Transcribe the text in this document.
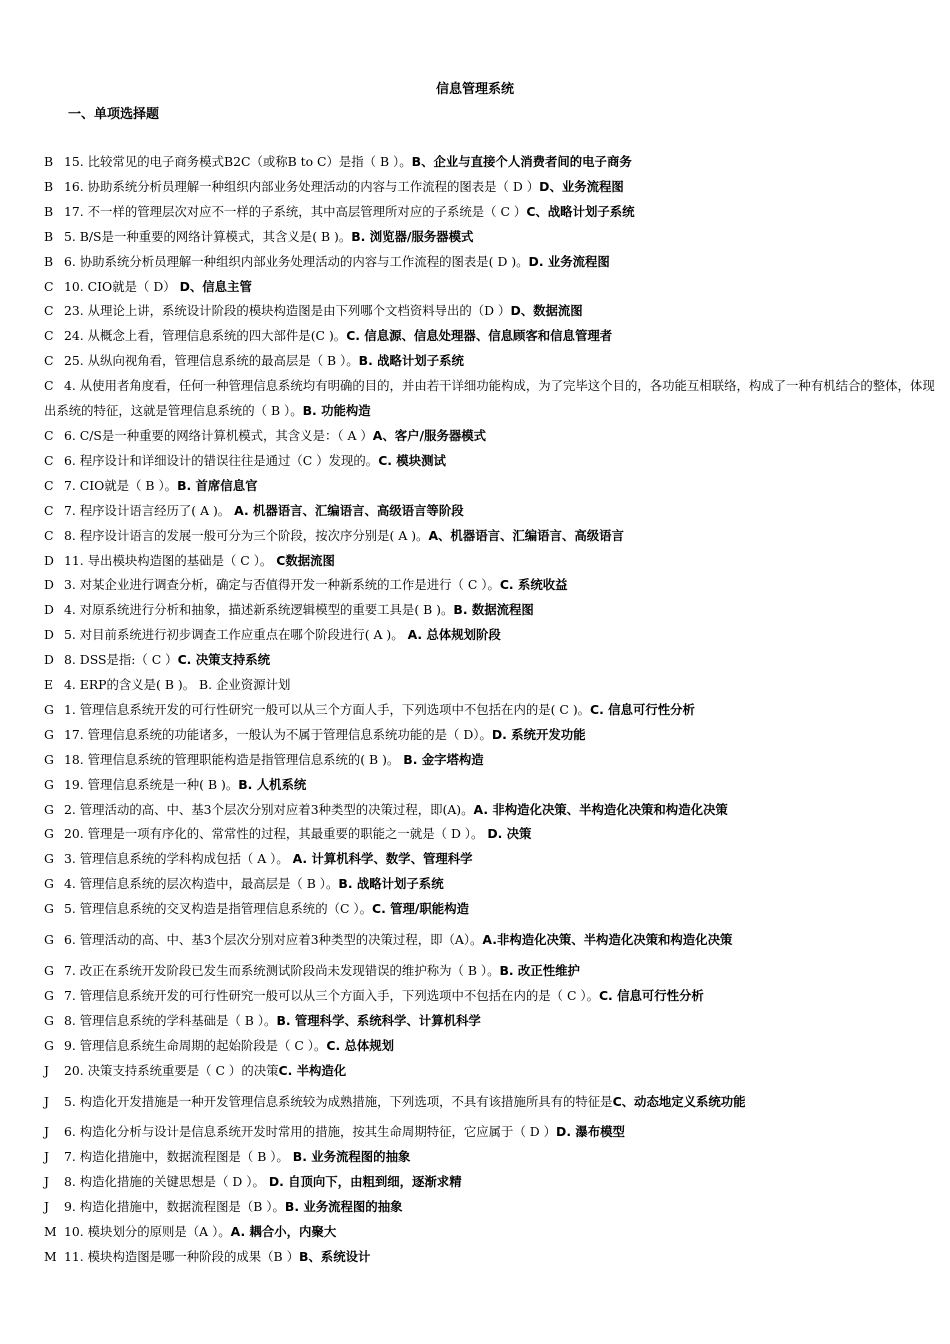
信息管理系统
一、单项选择题
B 15. 比较常见的电子商务模式B2C（或称B to C）是指（ B ）。B、企业与直接个人消费者间的电子商务
B 16. 协助系统分析员理解一种组织内部业务处理活动的内容与工作流程的图表是（ D ）D、业务流程图
B 17. 不一样的管理层次对应不一样的子系统，其中高层管理所对应的子系统是（ C ）C、战略计划子系统
B 5. B/S是一种重要的网络计算模式，其含义是( B )。B. 浏览器/服务器模式
B 6. 协助系统分析员理解一种组织内部业务处理活动的内容与工作流程的图表是( D )。D. 业务流程图
C 10. CIO就是（ D） D、信息主管
C 23. 从理论上讲，系统设计阶段的模块构造图是由下列哪个文档资料导出的（D ）D、数据流图
C 24. 从概念上看，管理信息系统的四大部件是(C )。C. 信息源、信息处理器、信息顾客和信息管理者
C 25. 从纵向视角看，管理信息系统的最高层是（ B ）。B. 战略计划子系统
C 4. 从使用者角度看，任何一种管理信息系统均有明确的目的，并由若干详细功能构成，为了完毕这个目的，各功能互相联络，构成了一种有机结合的整体，体现出系统的特征，这就是管理信息系统的（ B ）。B. 功能构造
C 6. C/S是一种重要的网络计算机模式，其含义是：（ A ）A、客户/服务器模式
C 6. 程序设计和详细设计的错误往往是通过（C ）发现的。C. 模块测试
C 7. CIO就是（ B ）。B. 首席信息官
C 7. 程序设计语言经历了( A )。 A. 机器语言、汇编语言、高级语言等阶段
C 8. 程序设计语言的发展一般可分为三个阶段，按次序分别是( A )。A、机器语言、汇编语言、高级语言
D 11. 导出模块构造图的基础是（ C ）。 C数据流图
D 3. 对某企业进行调查分析，确定与否值得开发一种新系统的工作是进行（ C ）。C. 系统收益
D 4. 对原系统进行分析和抽象，描述新系统逻辑模型的重要工具是( B )。B. 数据流程图
D 5. 对目前系统进行初步调查工作应重点在哪个阶段进行( A )。 A. 总体规划阶段
D 8. DSS是指:（ C ）C. 决策支持系统
E 4. ERP的含义是( B )。 B. 企业资源计划
G 1. 管理信息系统开发的可行性研究一般可以从三个方面人手，下列选项中不包括在内的是( C )。C. 信息可行性分析
G 17. 管理信息系统的功能诸多，一般认为不属于管理信息系统功能的是（ D）。D. 系统开发功能
G 18. 管理信息系统的管理职能构造是指管理信息系统的( B )。 B. 金字塔构造
G 19. 管理信息系统是一种( B )。B. 人机系统
G 2. 管理活动的高、中、基3个层次分别对应着3种类型的决策过程，即(A)。A. 非构造化决策、半构造化决策和构造化决策
G 20. 管理是一项有序化的、常常性的过程，其最重要的职能之一就是（ D ）。 D. 决策
G 3. 管理信息系统的学科构成包括（ A ）。 A. 计算机科学、数学、管理科学
G 4. 管理信息系统的层次构造中，最高层是（ B ）。B. 战略计划子系统
G 5. 管理信息系统的交叉构造是指管理信息系统的（C ）。C. 管理/职能构造
G 6. 管理活动的高、中、基3个层次分别对应着3种类型的决策过程，即（A）。A.非构造化决策、半构造化决策和构造化决策
G 7. 改正在系统开发阶段已发生而系统测试阶段尚未发现错误的维护称为（ B ）。B. 改正性维护
G 7. 管理信息系统开发的可行性研究一般可以从三个方面入手，下列选项中不包括在内的是（ C ）。C. 信息可行性分析
G 8. 管理信息系统的学科基础是（ B ）。B. 管理科学、系统科学、计算机科学
G 9. 管理信息系统生命周期的起始阶段是（ C ）。C. 总体规划
J 20. 决策支持系统重要是（ C ）的决策C. 半构造化
J 5. 构造化开发措施是一种开发管理信息系统较为成熟措施，下列选项，不具有该措施所具有的特征是C、动态地定义系统功能
J 6. 构造化分析与设计是信息系统开发时常用的措施，按其生命周期特征，它应属于（ D ）D. 瀑布模型
J 7. 构造化措施中，数据流程图是（ B ）。 B. 业务流程图的抽象
J 8. 构造化措施的关键思想是（ D ）。 D. 自顶向下，由粗到细，逐渐求精
J 9. 构造化措施中，数据流程图是（B ）。B. 业务流程图的抽象
M 10. 模块划分的原则是（A ）。A. 耦合小，内聚大
M 11. 模块构造图是哪一种阶段的成果（B ）B、系统设计
